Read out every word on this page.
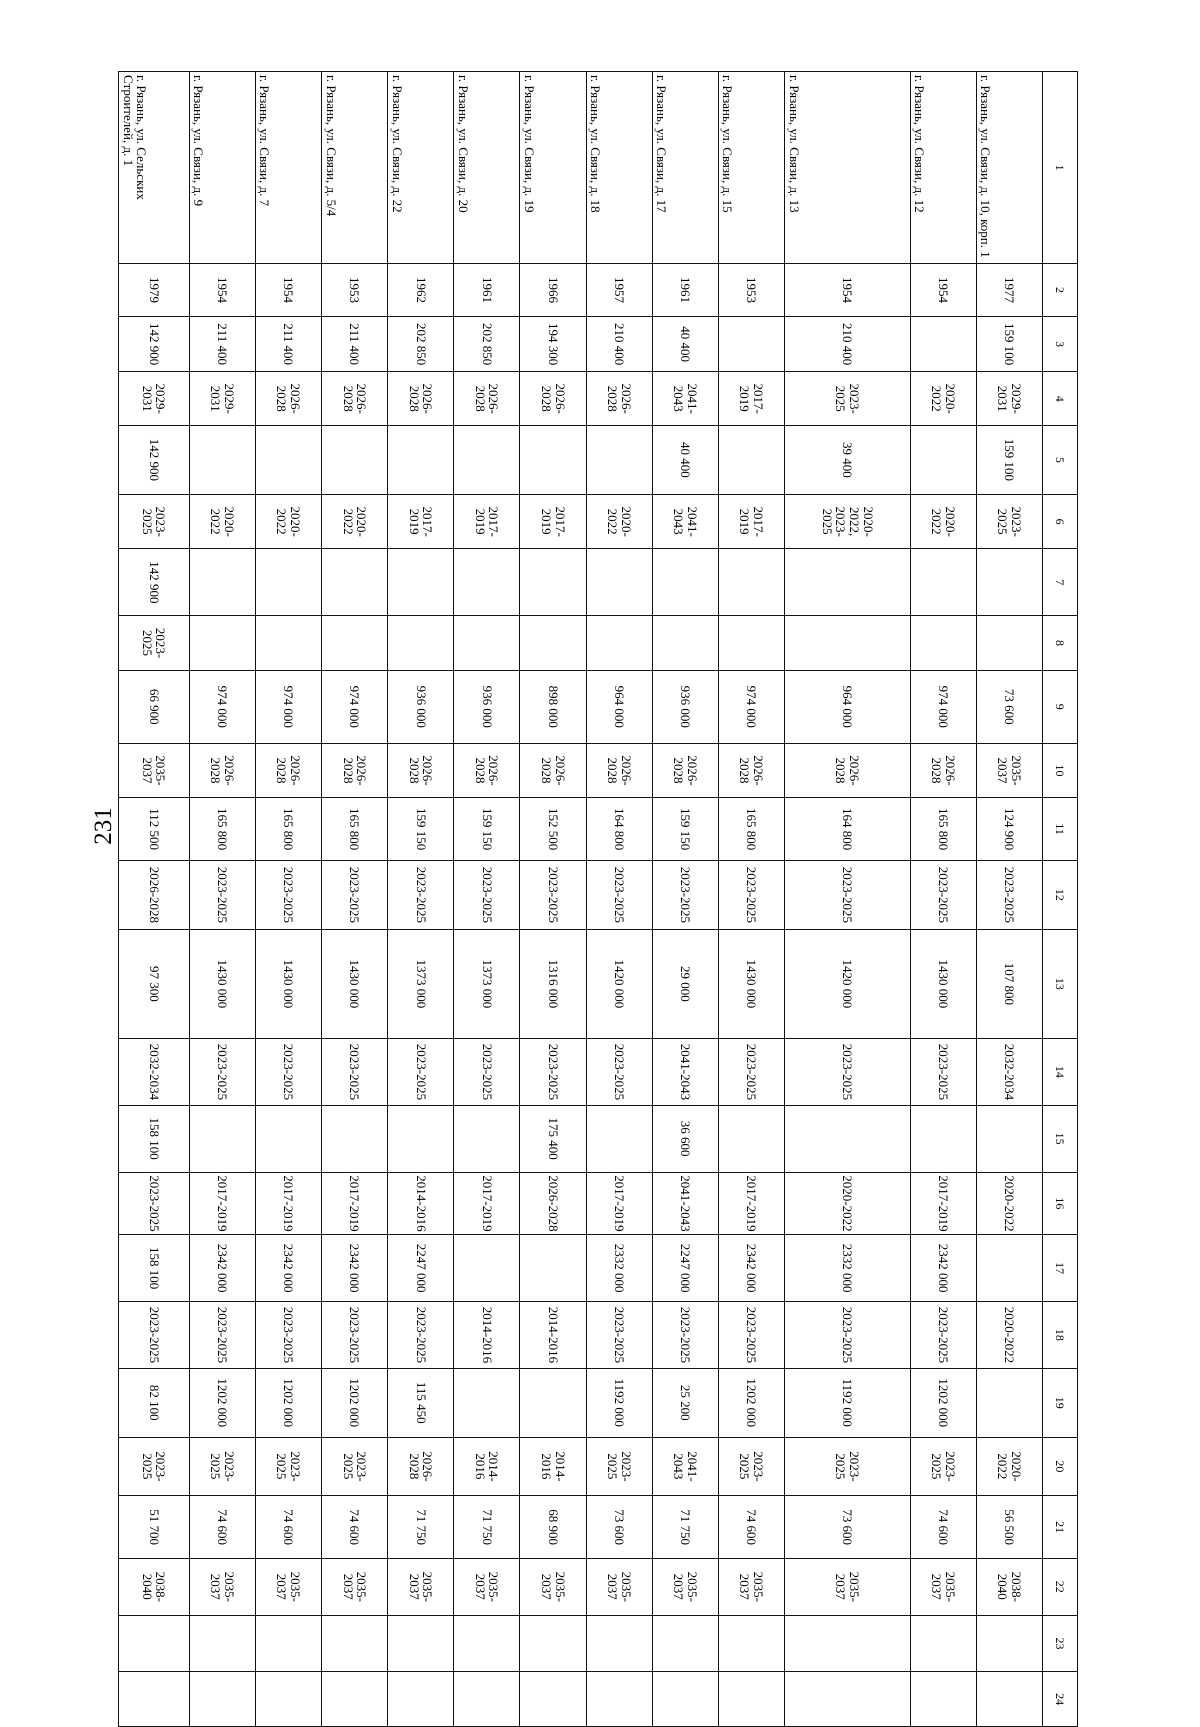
231
1	2	3	4	5	6	7	8	9	10	11	12	13	14	15	16	17	18	19	20	21	22	23	24
г. Рязань, ул. Связи, д. 10, корп. 1	1977	159 100	2029-2031	159 100	2023-2025			73 600	2035-2037	124 900	2023-2025	107 800	2032-2034		2020-2022		2020-2022		2020-2022	56 500	2038-2040		
г. Рязань, ул. Связи, д. 12	1954		2020-2022		2020-2022			974 000	2026-2028	165 800	2023-2025	1430 000	2023-2025		2017-2019	2342 000	2023-2025	1202 000	2023-2025	74 600	2035-2037		
г. Рязань, ул. Связи, д. 13	1954	210 400	2023-2025	39 400	2020-2022, 2023-2025			964 000	2026-2028	164 800	2023-2025	1420 000	2023-2025		2020-2022	2332 000	2023-2025	1192 000	2023-2025	73 600	2035-2037		
г. Рязань, ул. Связи, д. 15	1953		2017-2019		2017-2019			974 000	2026-2028	165 800	2023-2025	1430 000	2023-2025		2017-2019	2342 000	2023-2025	1202 000	2023-2025	74 600	2035-2037		
г. Рязань, ул. Связи, д. 17	1961	40 400	2041-2043	40 400	2041-2043			936 000	2026-2028	159 150	2023-2025	29 000	2041-2043	36 600	2041-2043	2247 000	2023-2025	25 200	2041-2043	71 750	2035-2037		
г. Рязань, ул. Связи, д. 18	1957	210 400	2026-2028		2020-2022			964 000	2026-2028	164 800	2023-2025	1420 000	2023-2025		2017-2019	2332 000	2023-2025	1192 000	2023-2025	73 600	2035-2037		
г. Рязань, ул. Связи, д. 19	1966	194 300	2026-2028		2017-2019			898 000	2026-2028	152 500	2023-2025	1316 000	2023-2025	175 400	2026-2028		2014-2016		2014-2016	68 900	2035-2037		
г. Рязань, ул. Связи, д. 20	1961	202 850	2026-2028		2017-2019			936 000	2026-2028	159 150	2023-2025	1373 000	2023-2025		2017-2019		2014-2016		2014-2016	71 750	2035-2037		
г. Рязань, ул. Связи, д. 22	1962	202 850	2026-2028		2017-2019			936 000	2026-2028	159 150	2023-2025	1373 000	2023-2025		2014-2016	2247 000	2023-2025	115 450	2026-2028	71 750	2035-2037		
г. Рязань, ул. Связи, д. 5/4	1953	211 400	2026-2028		2020-2022			974 000	2026-2028	165 800	2023-2025	1430 000	2023-2025		2017-2019	2342 000	2023-2025	1202 000	2023-2025	74 600	2035-2037		
г. Рязань, ул. Связи, д. 7	1954	211 400	2026-2028		2020-2022			974 000	2026-2028	165 800	2023-2025	1430 000	2023-2025		2017-2019	2342 000	2023-2025	1202 000	2023-2025	74 600	2035-2037		
г. Рязань, ул. Связи, д. 9	1954	211 400	2029-2031		2020-2022			974 000	2026-2028	165 800	2023-2025	1430 000	2023-2025		2017-2019	2342 000	2023-2025	1202 000	2023-2025	74 600	2035-2037		
г. Рязань, ул. Сельских Строителей, д. 1	1979	142 900	2029-2031	142 900	2023-2025	142 900	2023-2025	66 900	2035-2037	112 500	2026-2028	97 300	2032-2034	158 100	2023-2025	158 100	2023-2025	82 100	2023-2025	51 700	2038-2040		
